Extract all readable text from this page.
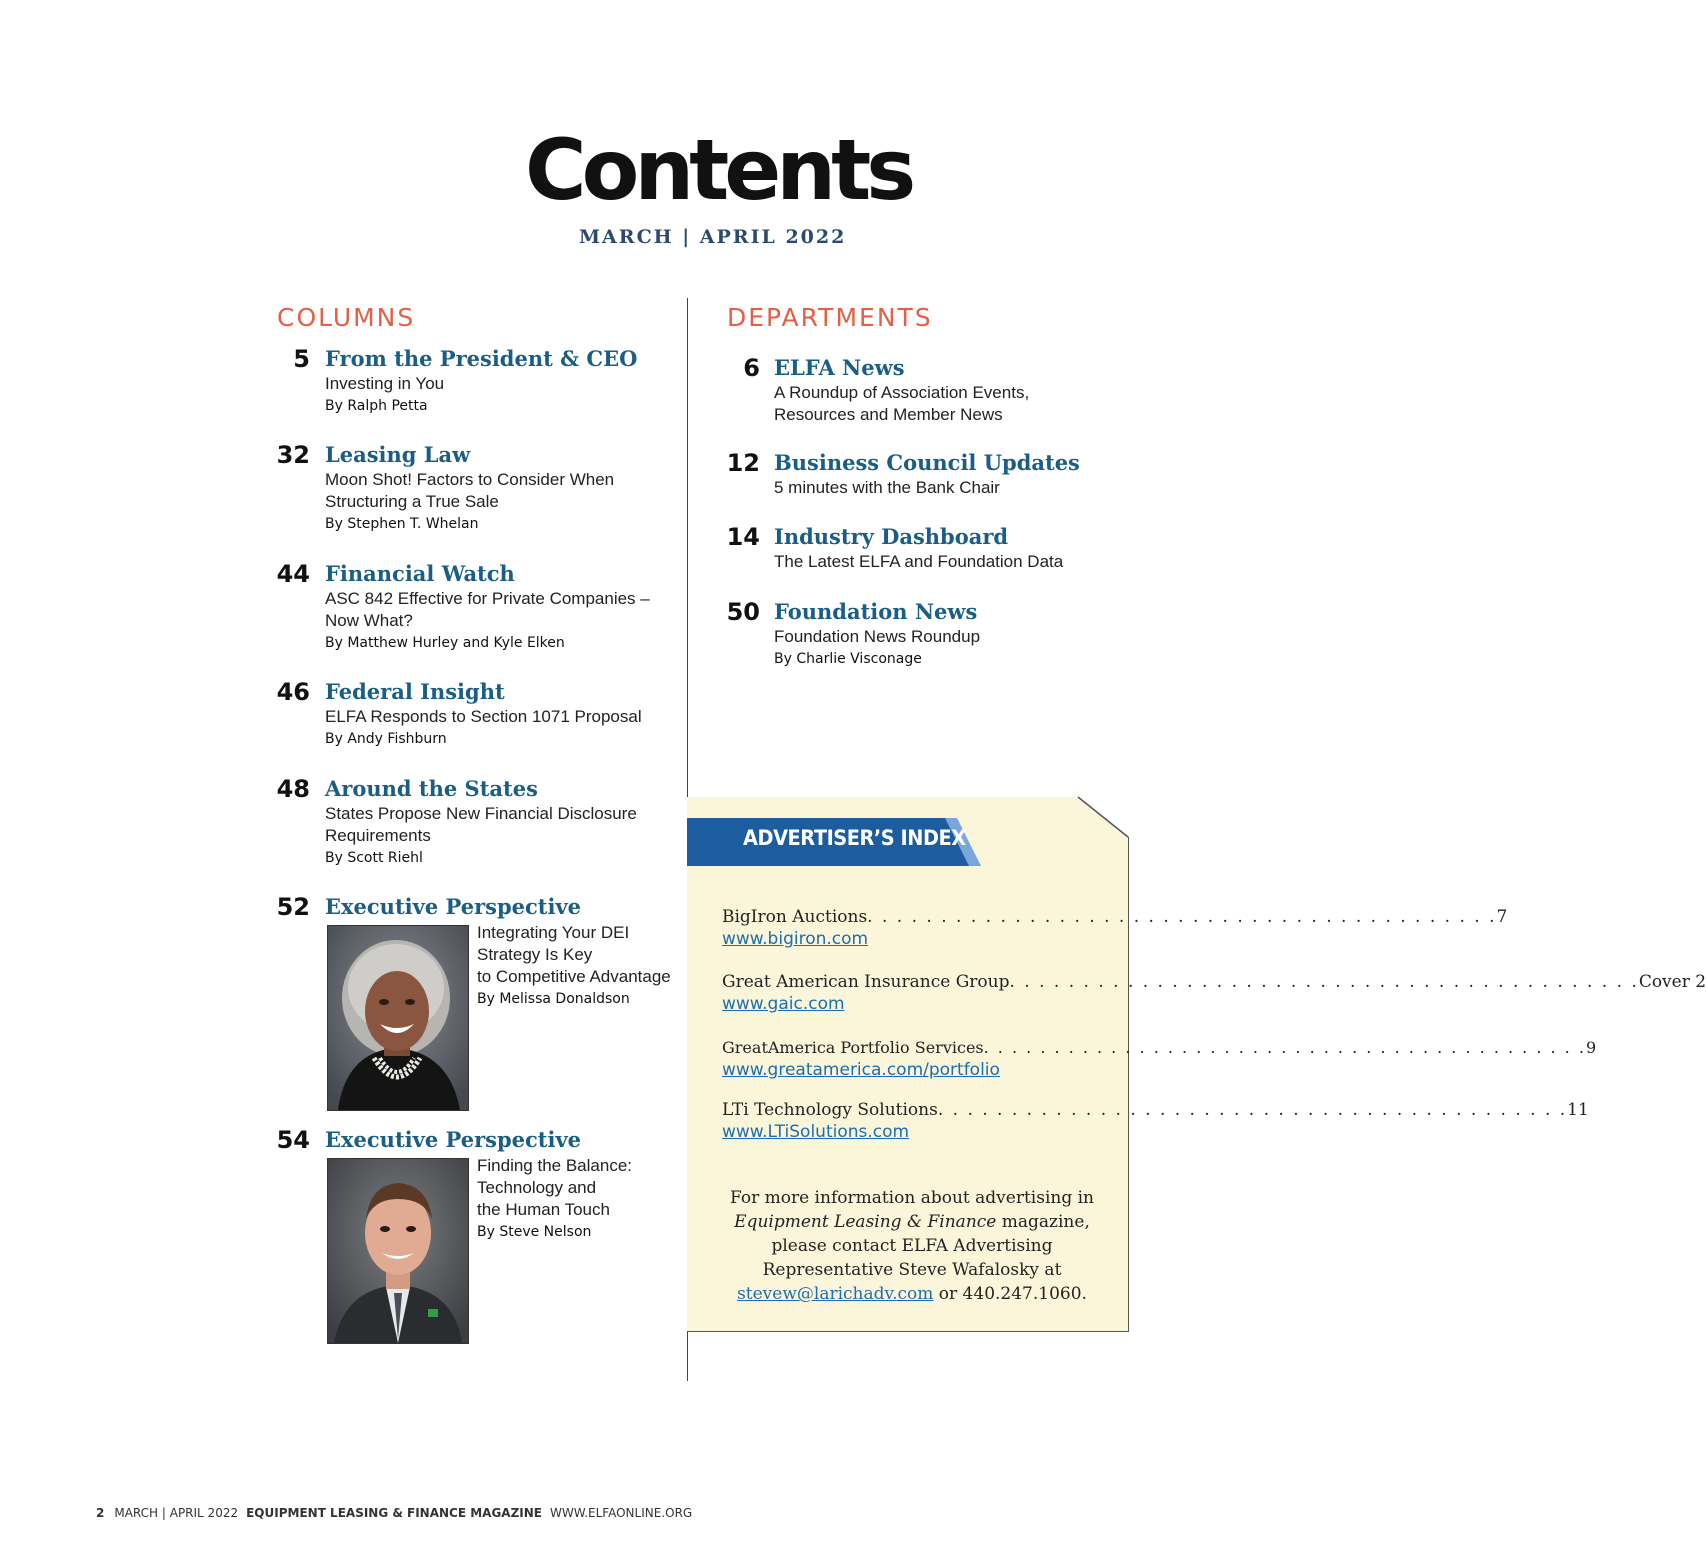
Contents
MARCH | APRIL 2022
COLUMNS	DEPARTMENTS
5 From the President & CEO
Investing in You
By Ralph Petta
32 Leasing Law
Moon Shot! Factors to Consider When
Structuring a True Sale
By Stephen T. Whelan
44 Financial Watch
ASC 842 Effective for Private Companies –
Now What?
By Matthew Hurley and Kyle Elken
46 Federal Insight
ELFA Responds to Section 1071 Proposal
By Andy Fishburn
48 Around the States
States Propose New Financial Disclosure
Requirements
By Scott Riehl
52 Executive Perspective
Integrating Your DEI
Strategy Is Key
to Competitive Advantage
By Melissa Donaldson
54 Executive Perspective
Finding the Balance:
Technology and
the Human Touch
By Steve Nelson
6 ELFA News
A Roundup of Association Events,
Resources and Member News
12 Business Council Updates
5 minutes with the Bank Chair
14 Industry Dashboard
The Latest ELFA and Foundation Data
50 Foundation News
Foundation News Roundup
By Charlie Visconage
ADVERTISER’S INDEX
BigIron Auctions . . . . . . . . . . . . . . . . . . . . . . . . . . . . . . . . . . . . . . . . . . . 7
www.bigiron.com
Great American Insurance Group . . . . . . . . . . . . . . . . . . . . . . . . . . . . . . . . . . . . . . . . . . . Cover 2
www.gaic.com
GreatAmerica Portfolio Services . . . . . . . . . . . . . . . . . . . . . . . . . . . . . . . . . . . . . . . . . . . 9
www.greatamerica.com/portfolio
LTi Technology Solutions . . . . . . . . . . . . . . . . . . . . . . . . . . . . . . . . . . . . . . . . . . . 11
www.LTiSolutions.com
For more information about advertising in
Equipment Leasing & Finance magazine,
please contact ELFA Advertising
Representative Steve Wafalosky at
stevew@larichadv.com or 440.247.1060.
2 MARCH | APRIL 2022 EQUIPMENT LEASING & FINANCE MAGAZINE WWW.ELFAONLINE.ORG
